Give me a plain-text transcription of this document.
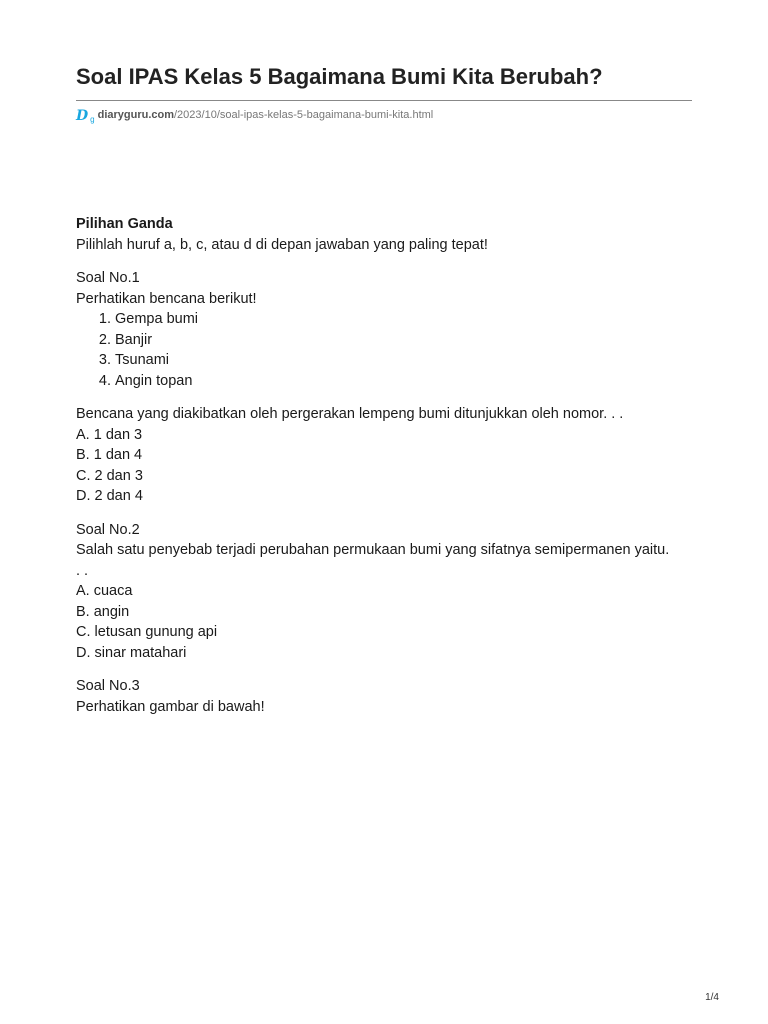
Soal IPAS Kelas 5 Bagaimana Bumi Kita Berubah?
D g diaryguru.com /2023/10/soal-ipas-kelas-5-bagaimana-bumi-kita.html

Pilihan Ganda

Pilihlah huruf a, b, c, atau d di depan jawaban yang paling tepat!

Soal No.1

Perhatikan bencana berikut!

1. Gempa bumi
2. Banjir
3. Tsunami
4. Angin topan

Bencana yang diakibatkan oleh pergerakan lempeng bumi ditunjukkan oleh nomor. . .

A. 1 dan 3

B. 1 dan 4

C. 2 dan 3

D. 2 dan 4

Soal No.2

Salah satu penyebab terjadi perubahan permukaan bumi yang sifatnya semipermanen yaitu. . .

A. cuaca

B. angin

C. letusan gunung api

D. sinar matahari

Soal No.3

Perhatikan gambar di bawah!

1/4
